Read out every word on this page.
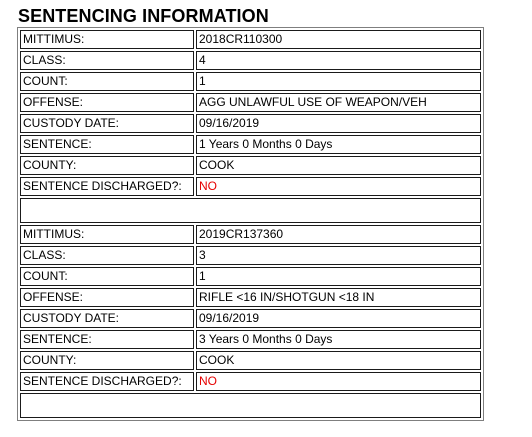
SENTENCING INFORMATION
MITTIMUS:	2018CR110300
CLASS:	4
COUNT:	1
OFFENSE:	AGG UNLAWFUL USE OF WEAPON/VEH
CUSTODY DATE:	09/16/2019
SENTENCE:	1 Years 0 Months 0 Days
COUNTY:	COOK
SENTENCE DISCHARGED?:	NO

MITTIMUS:	2019CR137360
CLASS:	3
COUNT:	1
OFFENSE:	RIFLE <16 IN/SHOTGUN <18 IN
CUSTODY DATE:	09/16/2019
SENTENCE:	3 Years 0 Months 0 Days
COUNTY:	COOK
SENTENCE DISCHARGED?:	NO
